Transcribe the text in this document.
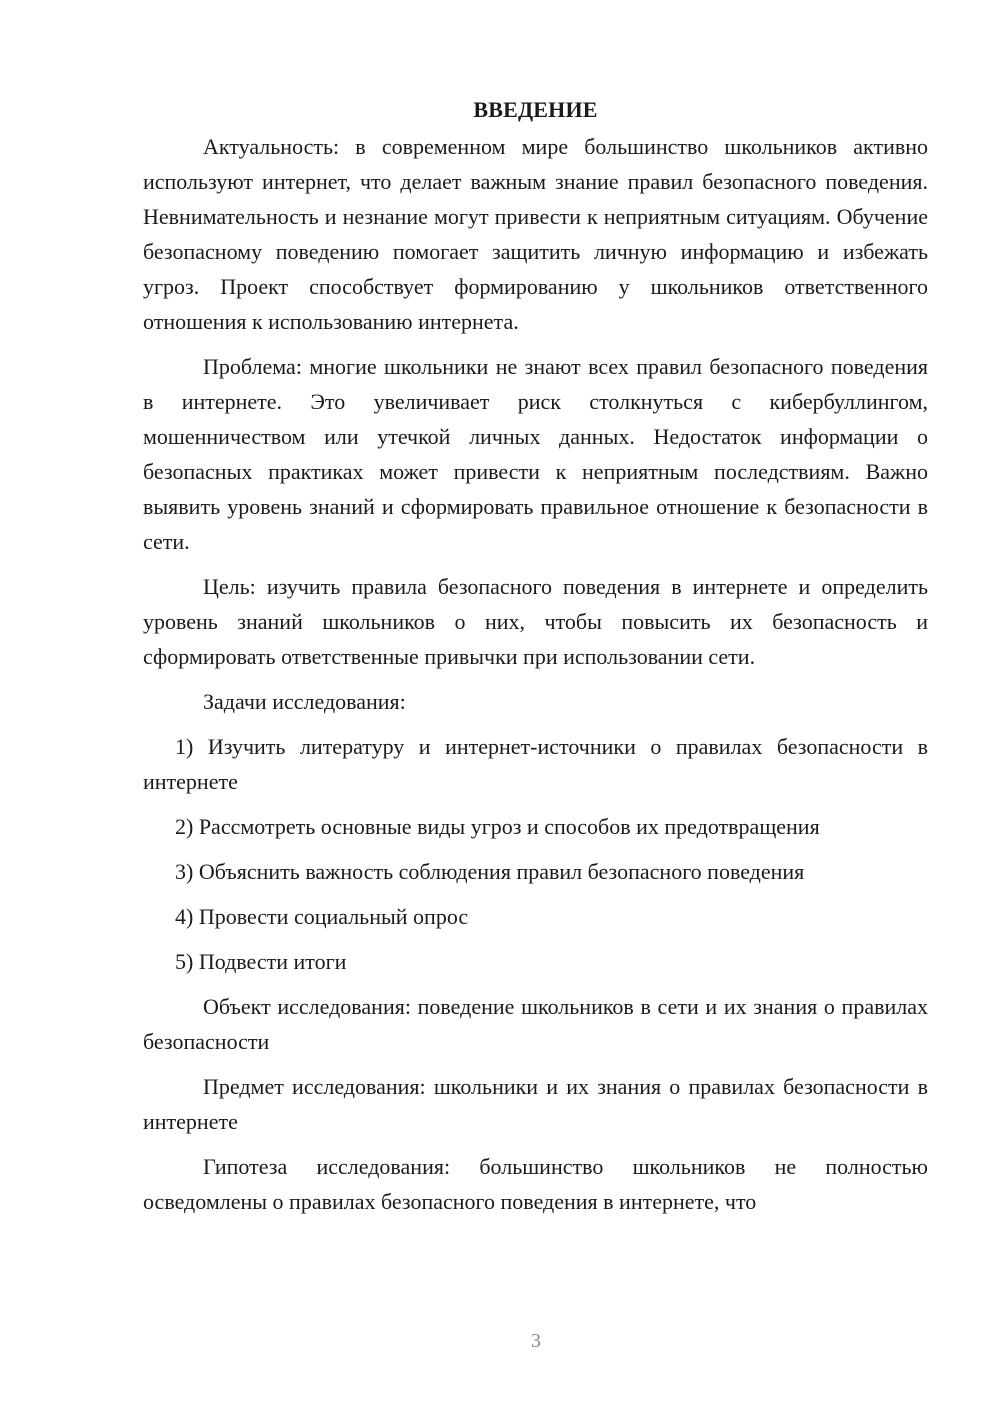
ВВЕДЕНИЕ

Актуальность: в современном мире большинство школьников активно используют интернет, что делает важным знание правил безопасного поведения. Невнимательность и незнание могут привести к неприятным ситуациям. Обучение безопасному поведению помогает защитить личную информацию и избежать угроз. Проект способствует формированию у школьников ответственного отношения к использованию интернета.

Проблема: многие школьники не знают всех правил безопасного поведения в интернете. Это увеличивает риск столкнуться с кибербуллингом, мошенничеством или утечкой личных данных. Недостаток информации о безопасных практиках может привести к неприятным последствиям. Важно выявить уровень знаний и сформировать правильное отношение к безопасности в сети.

Цель: изучить правила безопасного поведения в интернете и определить уровень знаний школьников о них, чтобы повысить их безопасность и сформировать ответственные привычки при использовании сети.

Задачи исследования:

1) Изучить литературу и интернет-источники о правилах безопасности в интернете

2) Рассмотреть основные виды угроз и способов их предотвращения

3) Объяснить важность соблюдения правил безопасного поведения

4) Провести социальный опрос

5) Подвести итоги

Объект исследования: поведение школьников в сети и их знания о правилах безопасности

Предмет исследования: школьники и их знания о правилах безопасности в интернете

Гипотеза исследования: большинство школьников не полностью осведомлены о правилах безопасного поведения в интернете, что

3
